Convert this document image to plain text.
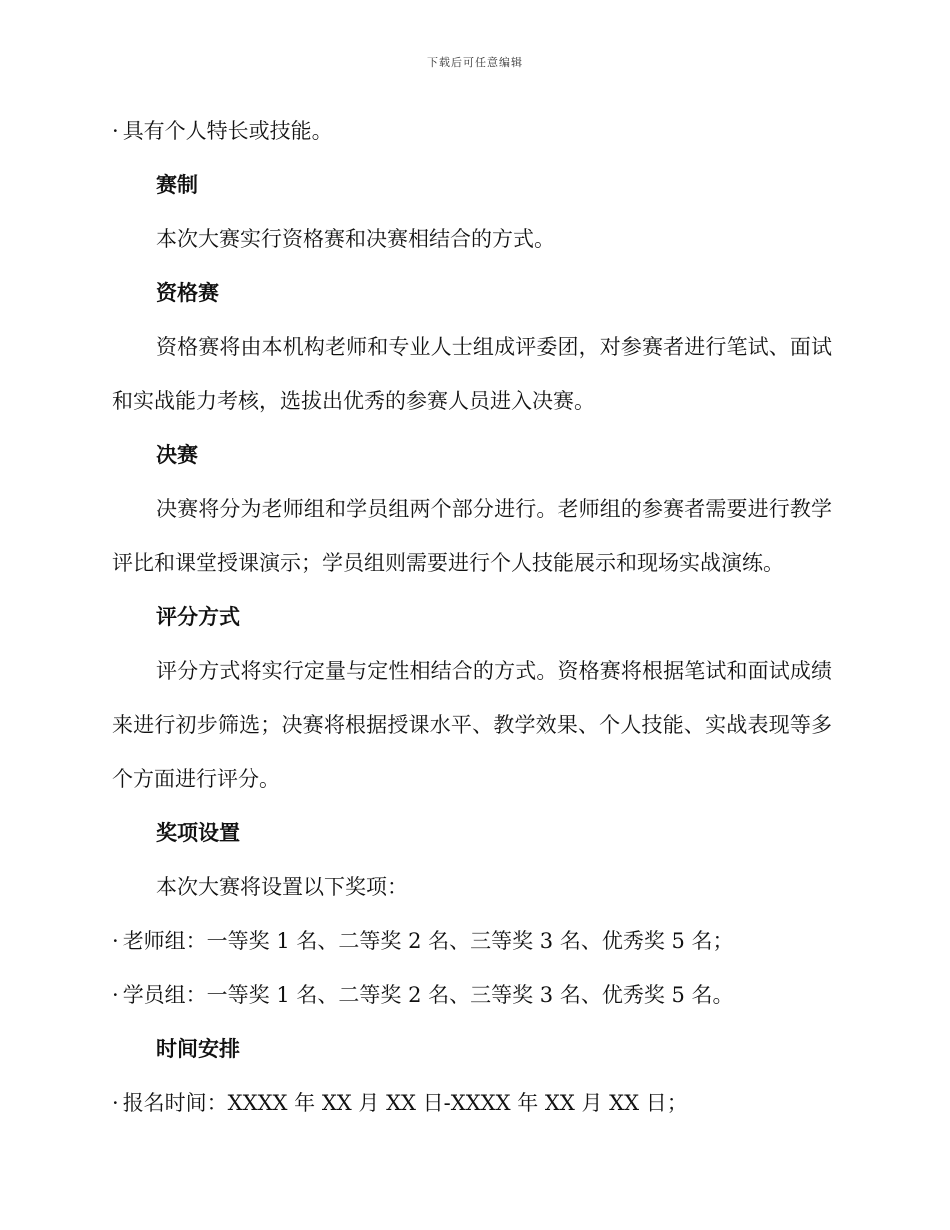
下载后可任意编辑

· 具有个人特长或技能。

赛制

本次大赛实行资格赛和决赛相结合的方式。

资格赛

资格赛将由本机构老师和专业人士组成评委团，对参赛者进行笔试、面试和实战能力考核，选拔出优秀的参赛人员进入决赛。

决赛

决赛将分为老师组和学员组两个部分进行。老师组的参赛者需要进行教学评比和课堂授课演示；学员组则需要进行个人技能展示和现场实战演练。

评分方式

评分方式将实行定量与定性相结合的方式。资格赛将根据笔试和面试成绩来进行初步筛选；决赛将根据授课水平、教学效果、个人技能、实战表现等多个方面进行评分。

奖项设置

本次大赛将设置以下奖项：

· 老师组：一等奖 1 名、二等奖 2 名、三等奖 3 名、优秀奖 5 名；

· 学员组：一等奖 1 名、二等奖 2 名、三等奖 3 名、优秀奖 5 名。

时间安排

· 报名时间：XXXX 年 XX 月 XX 日-XXXX 年 XX 月 XX 日；
